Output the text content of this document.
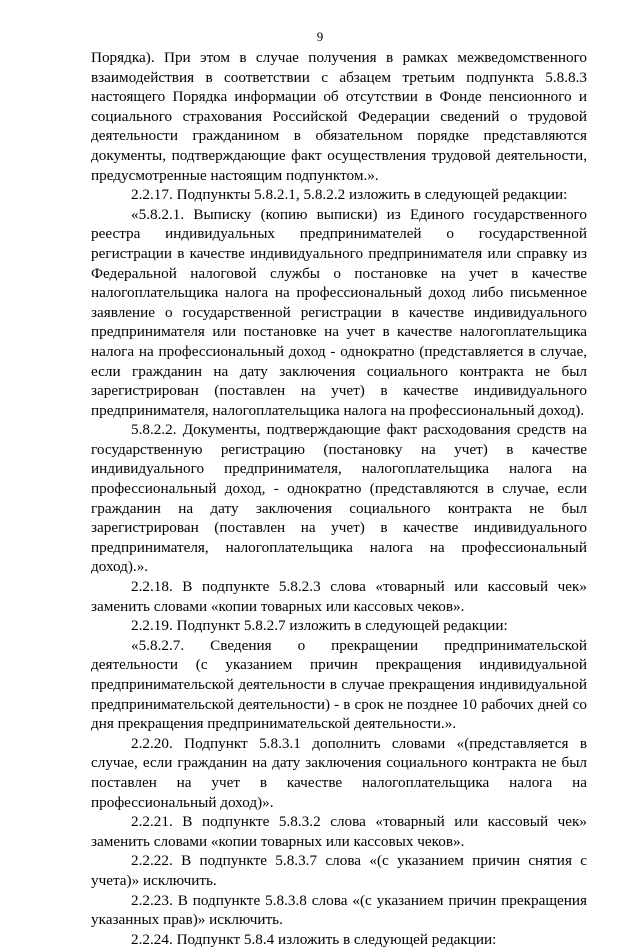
9

Порядка). При этом в случае получения в рамках межведомственного взаимодействия в соответствии с абзацем третьим подпункта 5.8.8.3 настоящего Порядка информации об отсутствии в Фонде пенсионного и социального страхования Российской Федерации сведений о трудовой деятельности гражданином в обязательном порядке представляются документы, подтверждающие факт осуществления трудовой деятельности, предусмотренные настоящим подпунктом.».

2.2.17. Подпункты 5.8.2.1, 5.8.2.2 изложить в следующей редакции:

«5.8.2.1. Выписку (копию выписки) из Единого государственного реестра индивидуальных предпринимателей о государственной регистрации в качестве индивидуального предпринимателя или справку из Федеральной налоговой службы о постановке на учет в качестве налогоплательщика налога на профессиональный доход либо письменное заявление о государственной регистрации в качестве индивидуального предпринимателя или постановке на учет в качестве налогоплательщика налога на профессиональный доход - однократно (представляется в случае, если гражданин на дату заключения социального контракта не был зарегистрирован (поставлен на учет) в качестве индивидуального предпринимателя, налогоплательщика налога на профессиональный доход).

5.8.2.2. Документы, подтверждающие факт расходования средств на государственную регистрацию (постановку на учет) в качестве индивидуального предпринимателя, налогоплательщика налога на профессиональный доход, - однократно (представляются в случае, если гражданин на дату заключения социального контракта не был зарегистрирован (поставлен на учет) в качестве индивидуального предпринимателя, налогоплательщика налога на профессиональный доход).».

2.2.18. В подпункте 5.8.2.3 слова «товарный или кассовый чек» заменить словами «копии товарных или кассовых чеков».

2.2.19. Подпункт 5.8.2.7 изложить в следующей редакции:

«5.8.2.7. Сведения о прекращении предпринимательской деятельности (с указанием причин прекращения индивидуальной предпринимательской деятельности в случае прекращения индивидуальной предпринимательской деятельности) - в срок не позднее 10 рабочих дней со дня прекращения предпринимательской деятельности.».

2.2.20. Подпункт 5.8.3.1 дополнить словами «(представляется в случае, если гражданин на дату заключения социального контракта не был поставлен на учет в качестве налогоплательщика налога на профессиональный доход)».

2.2.21. В подпункте 5.8.3.2 слова «товарный или кассовый чек» заменить словами «копии товарных или кассовых чеков».

2.2.22. В подпункте 5.8.3.7 слова «(с указанием причин снятия с учета)» исключить.

2.2.23. В подпункте 5.8.3.8 слова «(с указанием причин прекращения указанных прав)» исключить.

2.2.24. Подпункт 5.8.4 изложить в следующей редакции:
